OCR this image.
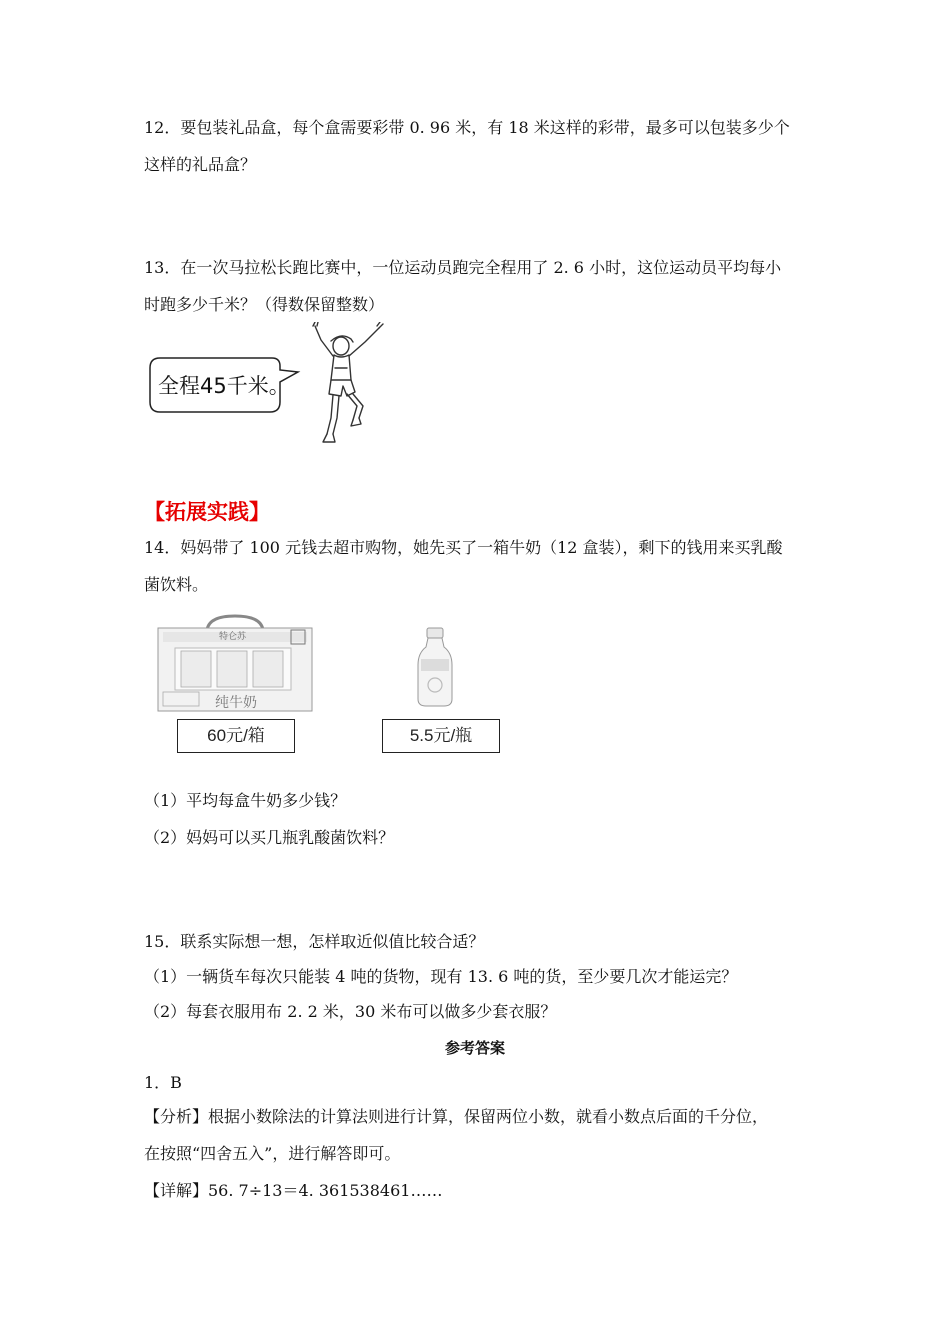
12．要包装礼品盒，每个盒需要彩带 0. 96 米，有 18 米这样的彩带，最多可以包装多少个
这样的礼品盒？
13．在一次马拉松长跑比赛中，一位运动员跑完全程用了 2. 6 小时，这位运动员平均每小
时跑多少千米？（得数保留整数）
全程45千米。
【拓展实践】
14．妈妈带了 100 元钱去超市购物，她先买了一箱牛奶（12 盒装），剩下的钱用来买乳酸
菌饮料。
特仑苏
纯牛奶
60元/箱	5.5元/瓶
（1）平均每盒牛奶多少钱？
（2）妈妈可以买几瓶乳酸菌饮料？
15．联系实际想一想，怎样取近似值比较合适？
（1）一辆货车每次只能装 4 吨的货物，现有 13. 6 吨的货，至少要几次才能运完？
（2）每套衣服用布 2. 2 米，30 米布可以做多少套衣服？
参考答案
1．B
【分析】根据小数除法的计算法则进行计算，保留两位小数，就看小数点后面的千分位，
在按照“四舍五入”，进行解答即可。
【详解】56. 7÷13＝4. 361538461……
